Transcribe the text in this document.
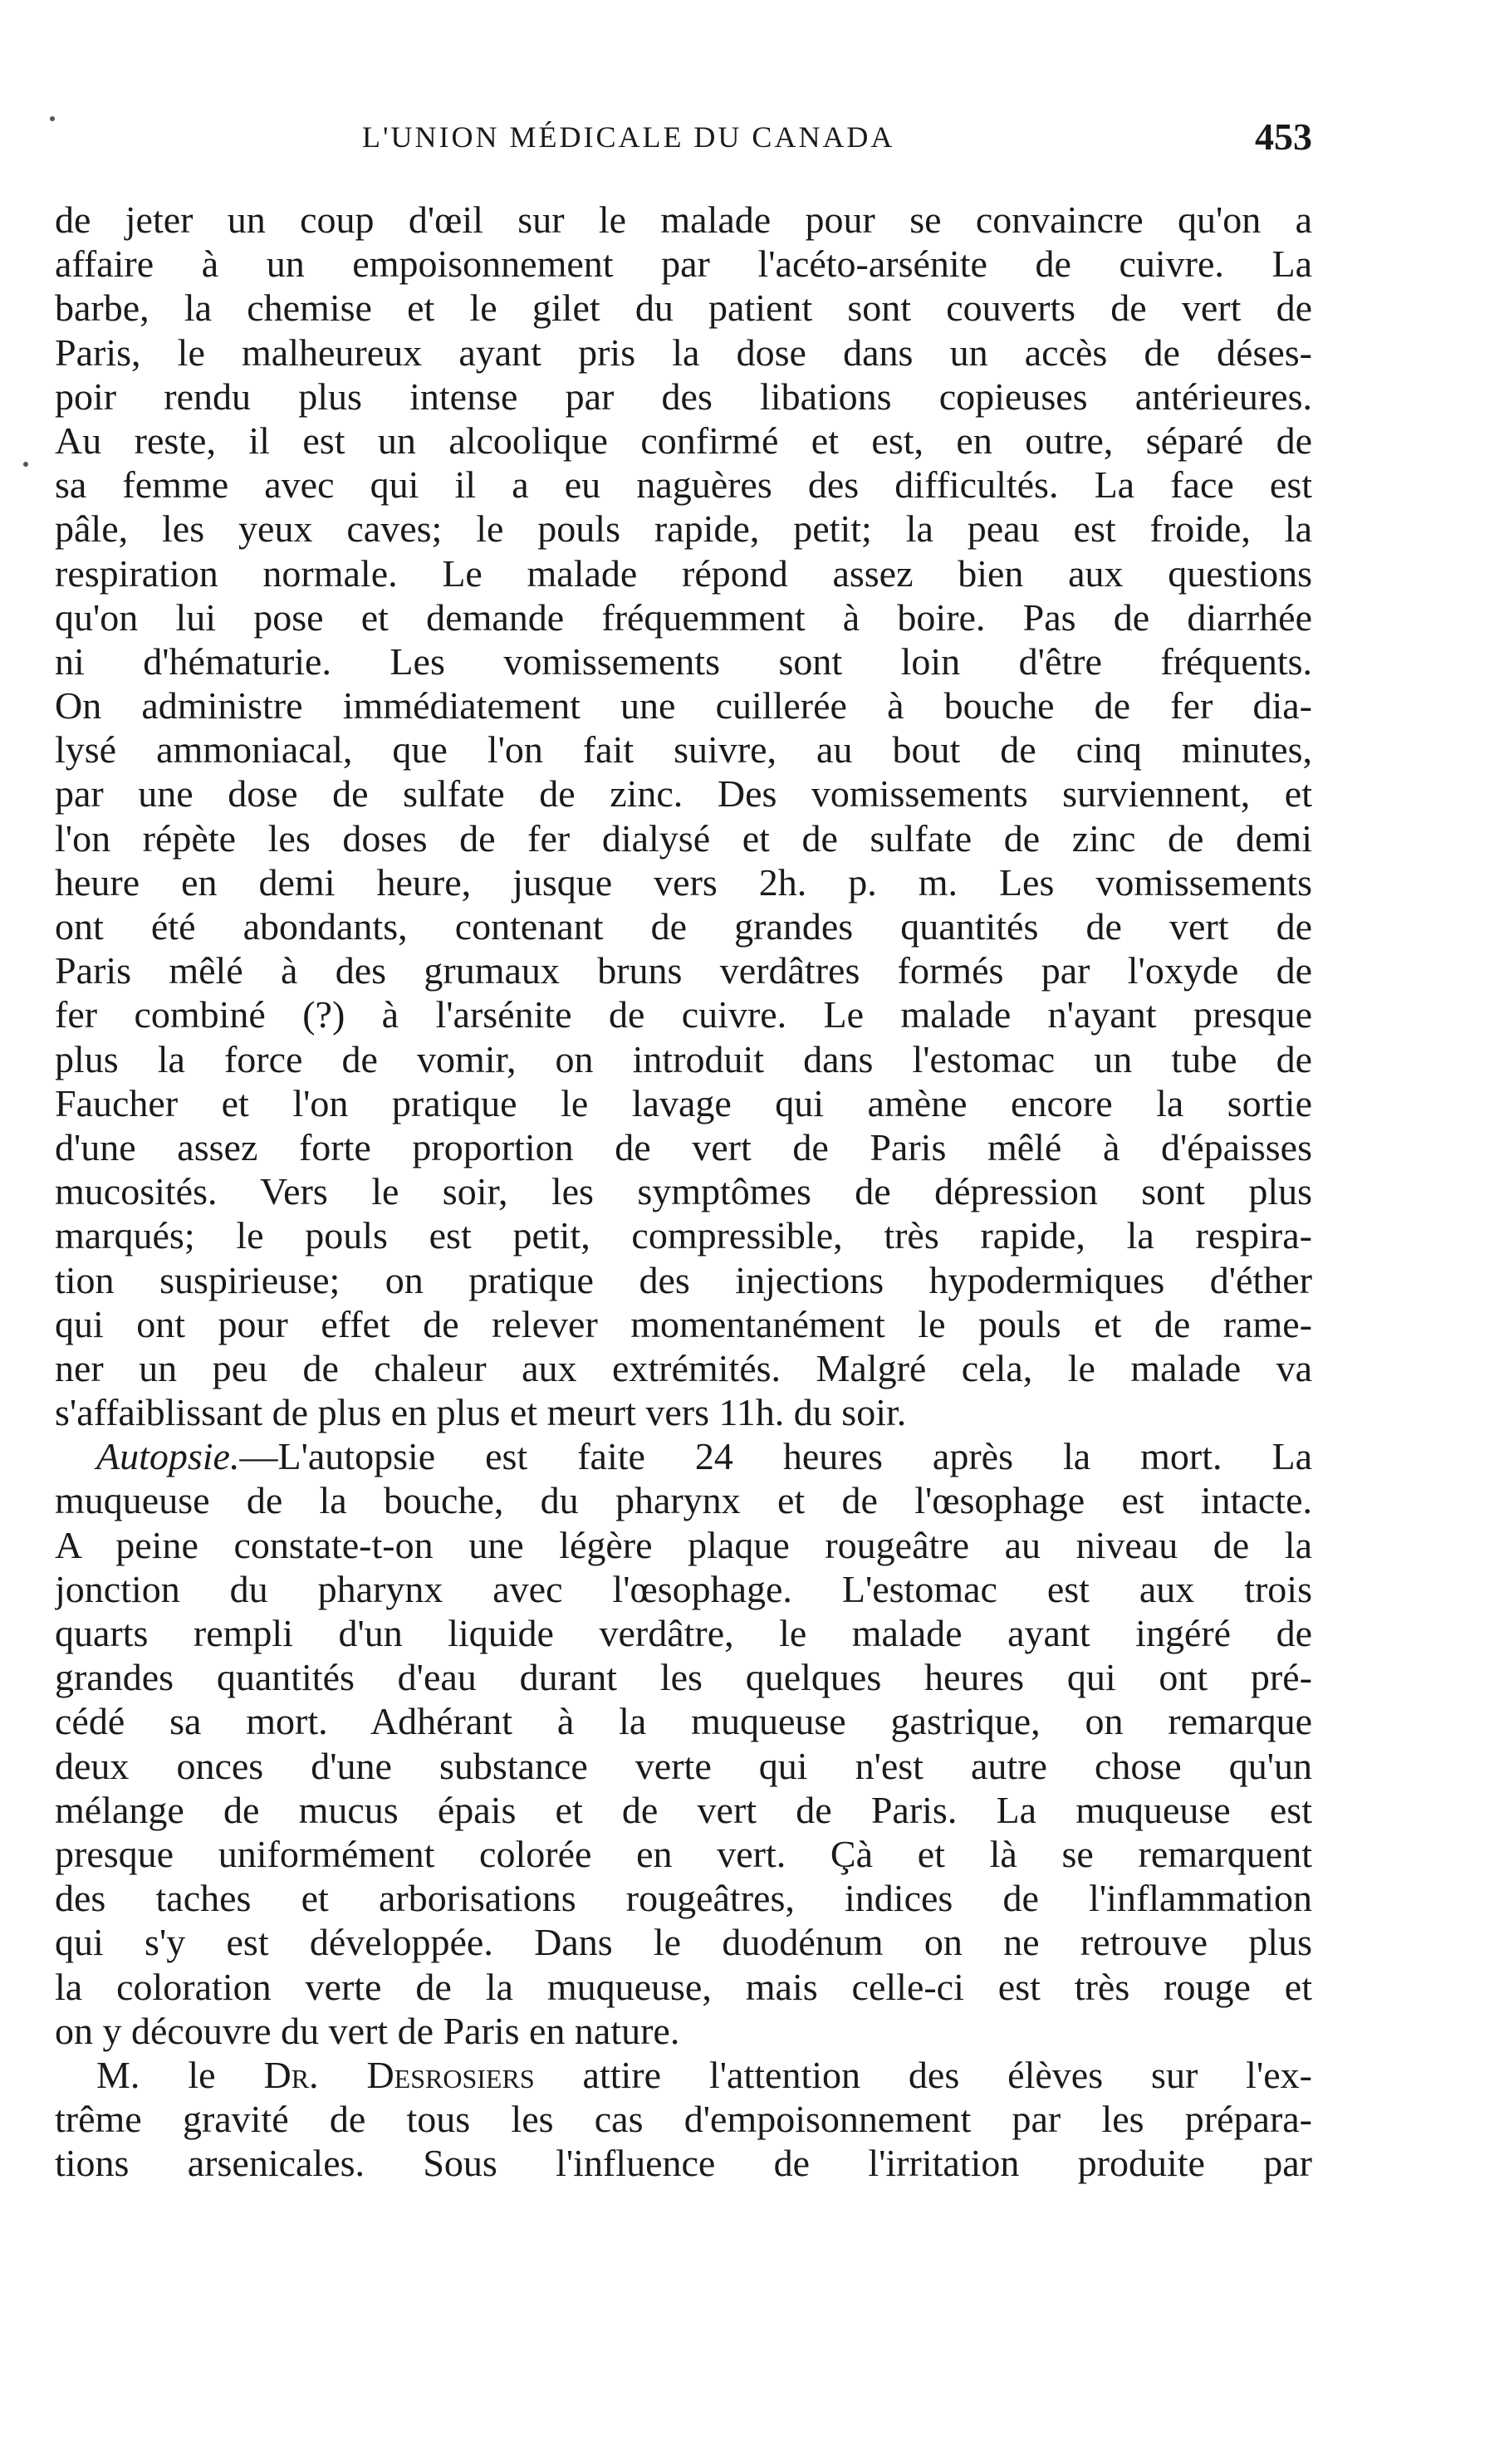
L'UNION MÉDICALE DU CANADA	453
de jeter un coup d'œil sur le malade pour se convaincre qu'on a
affaire à un empoisonnement par l'acéto-arsénite de cuivre. La
barbe, la chemise et le gilet du patient sont couverts de vert de
Paris, le malheureux ayant pris la dose dans un accès de déses-
poir rendu plus intense par des libations copieuses antérieures.
Au reste, il est un alcoolique confirmé et est, en outre, séparé de
sa femme avec qui il a eu naguères des difficultés. La face est
pâle, les yeux caves; le pouls rapide, petit; la peau est froide, la
respiration normale. Le malade répond assez bien aux questions
qu'on lui pose et demande fréquemment à boire. Pas de diarrhée
ni d'hématurie. Les vomissements sont loin d'être fréquents.
On administre immédiatement une cuillerée à bouche de fer dia-
lysé ammoniacal, que l'on fait suivre, au bout de cinq minutes,
par une dose de sulfate de zinc. Des vomissements surviennent, et
l'on répète les doses de fer dialysé et de sulfate de zinc de demi
heure en demi heure, jusque vers 2h. p. m. Les vomissements
ont été abondants, contenant de grandes quantités de vert de
Paris mêlé à des grumaux bruns verdâtres formés par l'oxyde de
fer combiné (?) à l'arsénite de cuivre. Le malade n'ayant presque
plus la force de vomir, on introduit dans l'estomac un tube de
Faucher et l'on pratique le lavage qui amène encore la sortie
d'une assez forte proportion de vert de Paris mêlé à d'épaisses
mucosités. Vers le soir, les symptômes de dépression sont plus
marqués; le pouls est petit, compressible, très rapide, la respira-
tion suspirieuse; on pratique des injections hypodermiques d'éther
qui ont pour effet de relever momentanément le pouls et de rame-
ner un peu de chaleur aux extrémités. Malgré cela, le malade va
s'affaiblissant de plus en plus et meurt vers 11h. du soir.
Autopsie.—L'autopsie est faite 24 heures après la mort. La
muqueuse de la bouche, du pharynx et de l'œsophage est intacte.
A peine constate-t-on une légère plaque rougeâtre au niveau de la
jonction du pharynx avec l'œsophage. L'estomac est aux trois
quarts rempli d'un liquide verdâtre, le malade ayant ingéré de
grandes quantités d'eau durant les quelques heures qui ont pré-
cédé sa mort. Adhérant à la muqueuse gastrique, on remarque
deux onces d'une substance verte qui n'est autre chose qu'un
mélange de mucus épais et de vert de Paris. La muqueuse est
presque uniformément colorée en vert. Çà et là se remarquent
des taches et arborisations rougeâtres, indices de l'inflammation
qui s'y est développée. Dans le duodénum on ne retrouve plus
la coloration verte de la muqueuse, mais celle-ci est très rouge et
on y découvre du vert de Paris en nature.
M. le Dr. Desrosiers attire l'attention des élèves sur l'ex-
trême gravité de tous les cas d'empoisonnement par les prépara-
tions arsenicales. Sous l'influence de l'irritation produite par
